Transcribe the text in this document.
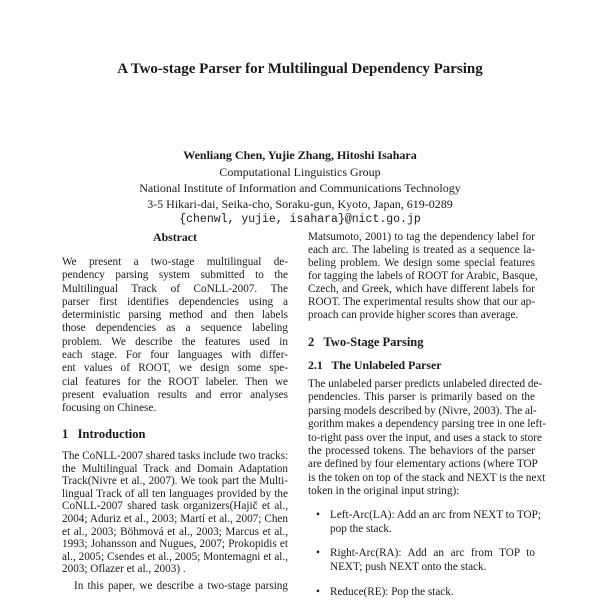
A Two-stage Parser for Multilingual Dependency Parsing
Wenliang Chen, Yujie Zhang, Hitoshi Isahara
Computational Linguistics Group
National Institute of Information and Communications Technology
3-5 Hikari-dai, Seika-cho, Soraku-gun, Kyoto, Japan, 619-0289
{chenwl, yujie, isahara}@nict.go.jp
Abstract
We present a two-stage multilingual de-
pendency parsing system submitted to the
Multilingual Track of CoNLL-2007. The
parser first identifies dependencies using a
deterministic parsing method and then labels
those dependencies as a sequence labeling
problem. We describe the features used in
each stage. For four languages with differ-
ent values of ROOT, we design some spe-
cial features for the ROOT labeler. Then we
present evaluation results and error analyses
focusing on Chinese.
1   Introduction
The CoNLL-2007 shared tasks include two tracks:
the Multilingual Track and Domain Adaptation
Track(Nivre et al., 2007). We took part the Multi-
lingual Track of all ten languages provided by the
CoNLL-2007 shared task organizers(Hajič et al.,
2004; Aduriz et al., 2003; Martí et al., 2007; Chen
et al., 2003; Böhmová et al., 2003; Marcus et al.,
1993; Johansson and Nugues, 2007; Prokopidis et
al., 2005; Csendes et al., 2005; Montemagni et al.,
2003; Oflazer et al., 2003) .
In this paper, we describe a two-stage parsing
Matsumoto, 2001) to tag the dependency label for
each arc. The labeling is treated as a sequence la-
beling problem. We design some special features
for tagging the labels of ROOT for Arabic, Basque,
Czech, and Greek, which have different labels for
ROOT. The experimental results show that our ap-
proach can provide higher scores than average.
2   Two-Stage Parsing
2.1   The Unlabeled Parser
The unlabeled parser predicts unlabeled directed de-
pendencies. This parser is primarily based on the
parsing models described by (Nivre, 2003). The al-
gorithm makes a dependency parsing tree in one left-
to-right pass over the input, and uses a stack to store
the processed tokens. The behaviors of the parser
are defined by four elementary actions (where TOP
is the token on top of the stack and NEXT is the next
token in the original input string):
• Left-Arc(LA): Add an arc from NEXT to TOP;
pop the stack.
• Right-Arc(RA): Add an arc from TOP to
NEXT; push NEXT onto the stack.
• Reduce(RE): Pop the stack.
